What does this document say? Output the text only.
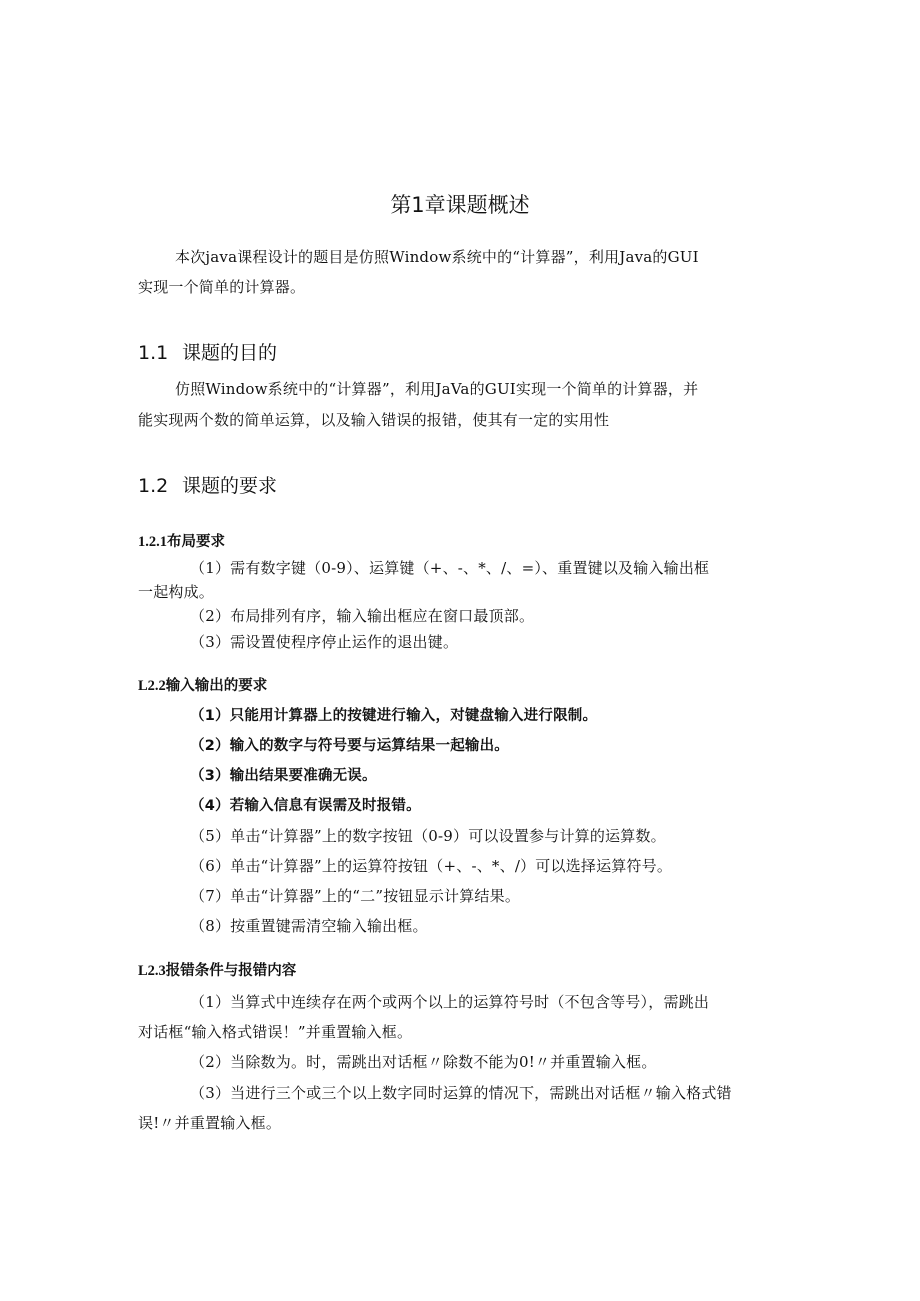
第1章课题概述
本次java课程设计的题目是仿照Window系统中的“计算器”，利用Java的GUI
实现一个简单的计算器。
1.1 课题的目的
仿照Window系统中的“计算器”，利用JaVa的GUI实现一个简单的计算器，并
能实现两个数的简单运算，以及输入错误的报错，使其有一定的实用性
1.2 课题的要求
1.2.1布局要求
（1）需有数字键（0-9）、运算键（+、-、*、/、=）、重置键以及输入输出框
一起构成。
（2）布局排列有序，输入输出框应在窗口最顶部。
（3）需设置使程序停止运作的退出键。
L2.2输入输出的要求
（1）只能用计算器上的按键进行输入，对键盘输入进行限制。
（2）输入的数字与符号要与运算结果一起输出。
（3）输出结果要准确无误。
（4）若输入信息有误需及时报错。
（5）单击“计算器”上的数字按钮（0-9）可以设置参与计算的运算数。
（6）单击“计算器”上的运算符按钮（+、-、*、/）可以选择运算符号。
（7）单击“计算器”上的“二”按钮显示计算结果。
（8）按重置键需清空输入输出框。
L2.3报错条件与报错内容
（1）当算式中连续存在两个或两个以上的运算符号时（不包含等号），需跳出
对话框“输入格式错误！”并重置输入框。
（2）当除数为。时，需跳出对话框〃除数不能为0!〃并重置输入框。
（3）当进行三个或三个以上数字同时运算的情况下，需跳出对话框〃输入格式错
误!〃并重置输入框。
